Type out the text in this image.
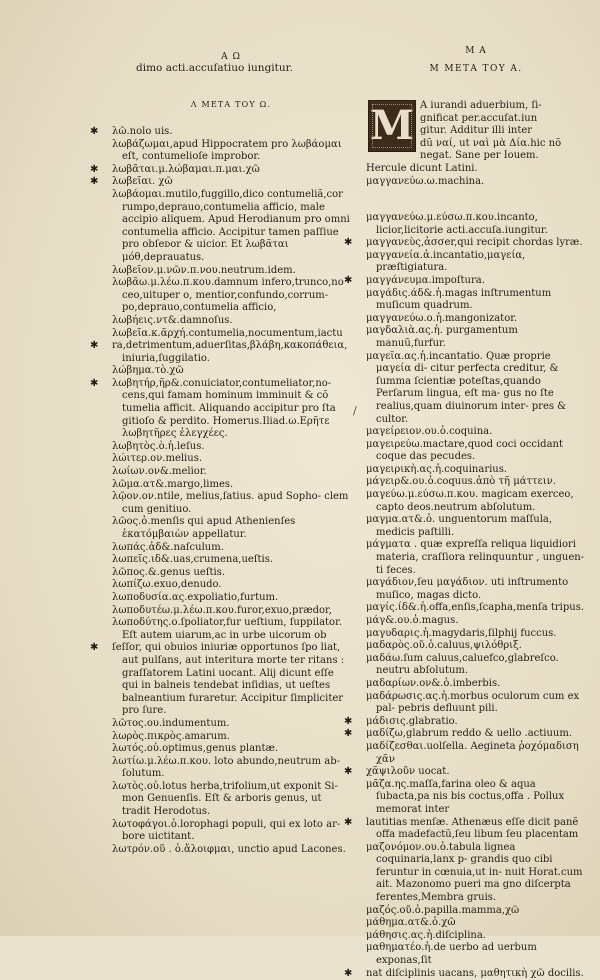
A Ω
dimo acti.accuſatiuo iungitur.
Λ ΜΕΤΑ ΤΟΥ Ω.

✱ λῶ.nolo uis.

λωβάζωμαι,apud Hippocratem pro λωβάομαι eſt, contumelioſe improbor.

✱ λωβᾶται.μ.λώβαμαι.π.μαι.χῶ

✱ λωβεῖαι. χῶ

λωβάομαι.mutilo,fuggillo,dico contumeliã,cor rumpo,deprauo,contumelia afficio, male accipio aliquem. Apud Herodianum pro omni contumelia afficio. Accipitur tamen paſſiue pro obſeᴅor & uicior. Et λωβᾶται μόθ,deprauatus.

λωβεῖον.μ.νῶν.π.νου.neutrum.idem.

λωβᾶω.μ.λέω.π.κου.damnum infero,trunco,no ceo,uituper o, mentior,confundo,corrum- po,deprauo,contumelia afficio,

λωβήεις.ντ&.damnoſus.

λωβεῖα.κ.ᾶρχή.contumelia,nocumentum,iactu

✱ ra,detrimentum,aduerſitas,βλάβη,κακοπάθεια, iniuria,ſuggilatio.

λώβημα.τὸ.χῶ

✱ λωβητήρ,ῆρ&.conuiciator,contumeliator,no- cens,qui famam hominum imminuit & cõ tumelia afficit. Aliquando accipitur pro ſta gitioſo & perdito. Homerus.Iliad.ω.Ερῆτε λωβητῆρες ἐλεγχέες.

λωβητὸς.ὸ.ἡ.leſus.

λώιτερ.ον.melius.

λωίων.ον&.melior.

λῶμα.ατ&.margo,limes.

λῷον.ον.ntile, melius,ſatius. apud Sopho- clem cum genitiuo.

λῶος.ὁ.menſis qui apud Athenienſes ἑκατόμβαιὼν appellatur.

λωπάς.ἀδ&.naſculum.

λωπεῖς.ιδ&.uas,crumena,ueſtis.

λῶπος.&.genus ueſtis.

λωπίζω.exuo,denudo.

λωποδυσία.ας.expoliatio,furtum.

λωποδυτέω.μ.λέω.π.κου.furor,exuo,prædor,

λωποδύτης.ο.ſpoliator,fur ueſtium, ſuppilator. Eſt autem uiarum,ac in urbe uicorum ob

✱ ſeſſor, qui obuios iniuriæ opportunos ſpo liat, aut pulſans, aut interitura morte ter ritans : graſſatorem Latini uocant. Alij dicunt eſſe qui in balneis tendebat inſidias, ut ueſtes balneantium furaretur. Accipitur ſimpliciter pro ſure.

λῶτος.ου.indumentum.

λωρὸς.πικρὸς.amarum.

λωτός.οὐ.optimus,genus plantæ.

λωτίω.μ.λέω.π.κου. loto abundo,neutrum ab- ſolutum.

λωτὸς.οὐ.lotus herba,trifolium,ut exponit Si- mon Genuenſis. Eſt & arboris genus, ut tradit Herodotus.

λωτοφάγοι.ὁ.lorophagi populi, qui ex loto ar- bore uictitant.

λωτρόν.οῦ . ὁ.ἄλοιφμαι, unctio apud Lacones.

/
Μ Α
Μ ΜΕΤΑ ΤΟΥ Α.
M A iurandi aduerbium, ſi-
gnificat per.accuſat.iun
gitur. Additur illi inter
dũ ναί, ut ναὶ μὰ Δία.hic nõ
negat. Sane per Iouem.
Hercule dicunt Latini.
μαγγανεύω.ω.machina.

μαγγανεύω.μ.εύσω.π.κου.incanto, licior,licitorie acti.accuſa.iungitur.

✱ μαγγανεὺς,ἀσσer,qui recipit chordas lyræ.

μαγγανεία.ἀ.incantatio,μαγεία, præſtigiatura.

✱ μαγγάνευμα.impoſtura.

μαγάδις.άδ&.ἡ.magas inſtrumentum muſicum quadrum.

μαγγανεύω.ο.ἡ.mangonizator.

μαγδαλιὰ.ας.ἡ. purgamentum manuũ,furfur.

μαγεῖα.ας.ἡ.incantatio. Quæ proprie μαγεία di- citur perfecta creditur, & ſumma ſcientiæ poteſtas,quando Perſarum lingua, eſt ma- gus no ſte realius,quam diuinorum inter- pres & cultor.

μαγείρειον.ου.ὁ.coquina.

μαγειρεύω.mactare,quod coci occidant coque das pecudes.

μαγειρικὴ.ας.ἡ.coquinarius.

μάγειρ&.ου.ὁ.coquus.ἀπὸ τῆ μάττειν.

μαγεύω.μ.εύσω.π.κου. magicam exerceo, capto deos.neutrum abſolutum.

μαγμα.ατ&.ὁ. unguentorum maſſula, medicis paſtilli.

μάγματα . quæ expreſſa reliqua liquidiori materia, craſſiora relinquuntur , unguen- ti feces.

μαγάδιον,ſeu μαγάδιον. uti inſtrumento muſico, magas dicto.

μαγίς.ίδ&.ἡ.offa,enſis,ſcapha,menſa tripus.

μάγ&.ου.ὁ.magus.

μαγυδαρις.ἡ.magydaris,ſilphij fuccus.

μαδαρὸς.οῦ.ὁ.caluus,ψιλόθριξ.

μαδάω.ſum caluus,caluefco,glabreſco. neutru abſolutum.

μαδαρίων.ον&.ὁ.imberbis.

μαδάρωσις.ας.ἡ.morbus oculorum cum ex pal- pebris defluunt pili.

✱ μάδισις.glabratio.

✱ μαδίζω,glabrum reddo & uello .actiuum.

μαδίζεσθαι.uolſella. Aegineta ῥοχόμαδιση χᾶν

✱ χᾶψιλοῦν uocat.

μᾶζα.ης.maſſa,farina oleo & aqua ſubacta,pa nis bis coctus,offa . Pollux memorat inter

✱ lautitias menſæ. Athenæus eſſe dicit panẽ offa madefactũ,ſeu libum ſeu placentam

μαζονόμον.ου.ὁ.tabula lignea coquinaria,lanx p- grandis quo cibi feruntur in cœnuia,ut in- nuit Horat.cum ait. Mazonomo pueri ma gno diſcerpta ferentes,Membra gruis.

μαζός.οῦ.ὁ.papilla.mamma,χῶ

μάθημα.ατ&.ὁ.χῶ

μάθησις.ας.ἡ.diſciplina.

μαθηματέο.ἡ.de uerbo ad uerbum exponas,ſit

✱ nat diſciplinis uacans, μαθητικὴ χῶ docilis.
